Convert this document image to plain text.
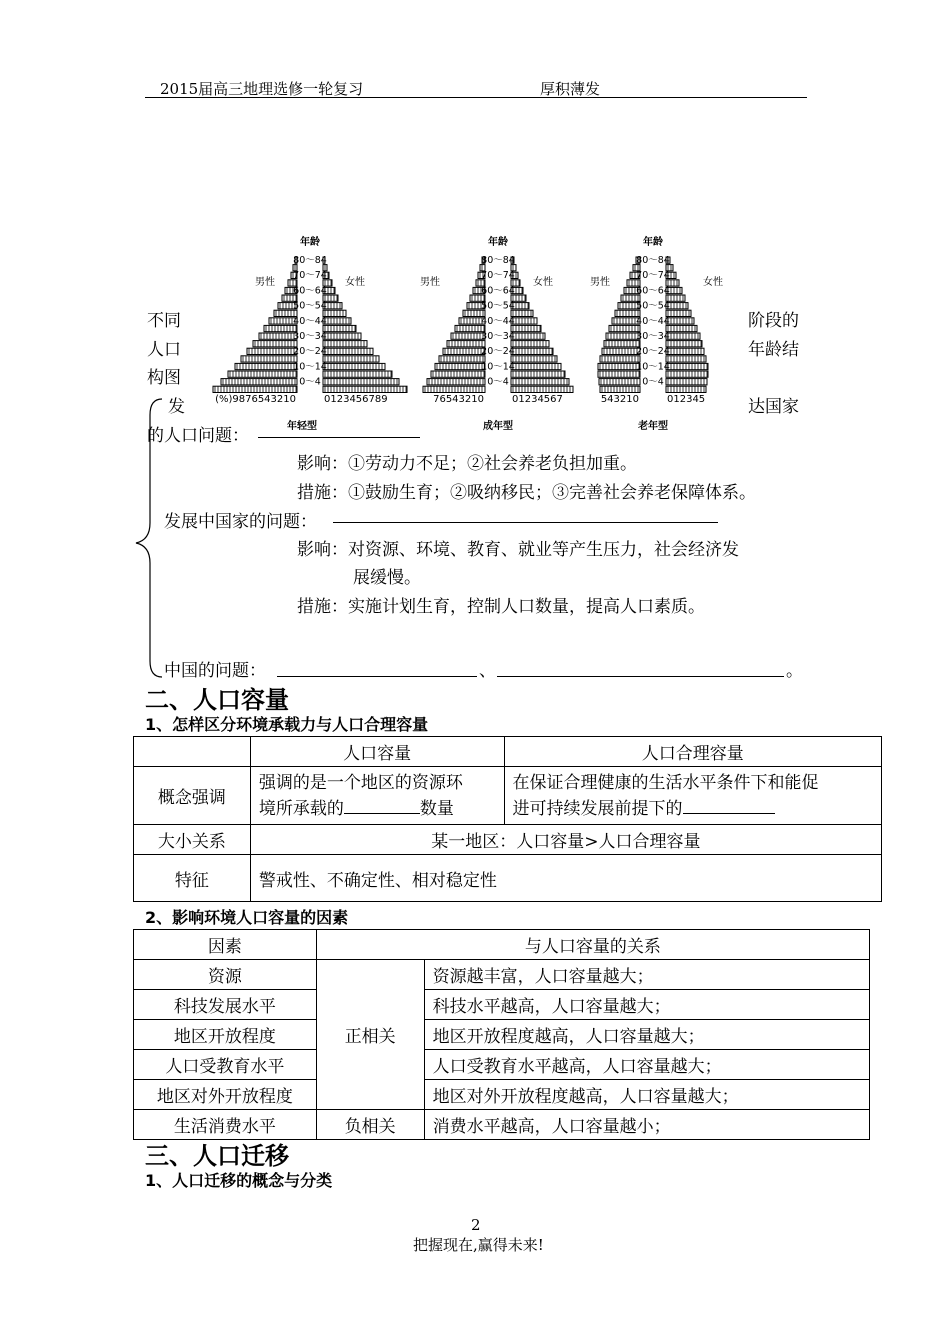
2015届高三地理选修一轮复习	厚积薄发
年龄
80～84
70～74
60～64
50～54
40～44
30～34
20～24
10～14
0～4
(%)9876543210	0123456789
年轻型
男性	女性
年龄
80～84
70～74
60～64
50～54
40～44
30～34
20～24
10～14
0～4
76543210	01234567
成年型
男性	女性
年龄
80～84
70～74
60～64
50～54
40～44
30～34
20～24
10～14
0～4
543210	012345
老年型
男性	女性
不同
人口
构图
发
阶段的
年龄结
达国家
的人口问题：
影响：①劳动力不足；②社会养老负担加重。
措施：①鼓励生育；②吸纳移民；③完善社会养老保障体系。
发展中国家的问题：
影响：对资源、环境、教育、就业等产生压力，社会经济发
展缓慢。
措施：实施计划生育，控制人口数量，提高人口素质。
中国的问题：	、	。
二、人口容量
1、怎样区分环境承载力与人口合理容量
	人口容量	人口合理容量
概念强调	强调的是一个地区的资源环
境所承载的 数量	在保证合理健康的生活水平条件下和能促
进可持续发展前提下的
大小关系	某一地区：人口容量>人口合理容量	
特征	警戒性、不确定性、相对稳定性	
2、影响环境人口容量的因素
因素	与人口容量的关系	
资源	正相关	资源越丰富，人口容量越大；
科技发展水平		科技水平越高，人口容量越大；
地区开放程度		地区开放程度越高，人口容量越大；
人口受教育水平		人口受教育水平越高，人口容量越大；
地区对外开放程度		地区对外开放程度越高，人口容量越大；
生活消费水平	负相关	消费水平越高，人口容量越小；
三、人口迁移
1、人口迁移的概念与分类
2
把握现在,赢得未来!
